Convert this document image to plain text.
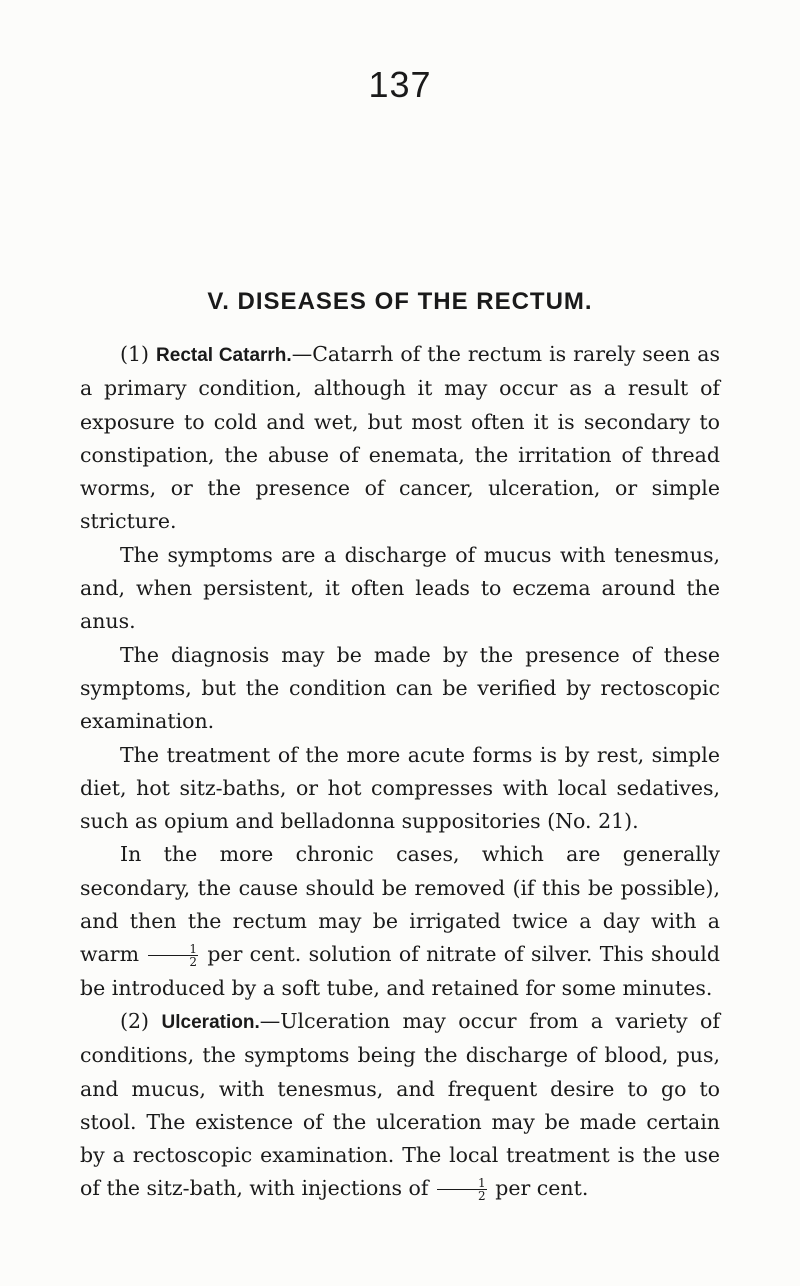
137
V. DISEASES OF THE RECTUM.

(1) Rectal Catarrh.—Catarrh of the rectum is rarely seen as a primary condition, although it may occur as a result of exposure to cold and wet, but most often it is secondary to constipation, the abuse of enemata, the irritation of thread worms, or the presence of cancer, ulceration, or simple stricture.

The symptoms are a discharge of mucus with tenesmus, and, when persistent, it often leads to eczema around the anus.

The diagnosis may be made by the presence of these symptoms, but the condition can be verified by rectoscopic examination.

The treatment of the more acute forms is by rest, simple diet, hot sitz-baths, or hot compresses with local sedatives, such as opium and belladonna suppositories (No. 21).

In the more chronic cases, which are generally secondary, the cause should be removed (if this be possible), and then the rectum may be irrigated twice a day with a warm $\frac{1}{2}$ per cent. solution of nitrate of silver. This should be introduced by a soft tube, and retained for some minutes.

(2) Ulceration.—Ulceration may occur from a variety of conditions, the symptoms being the discharge of blood, pus, and mucus, with tenesmus, and frequent desire to go to stool. The existence of the ulceration may be made certain by a rectoscopic examination. The local treatment is the use of the sitz-bath, with injections of $\frac{1}{2}$ per cent.
